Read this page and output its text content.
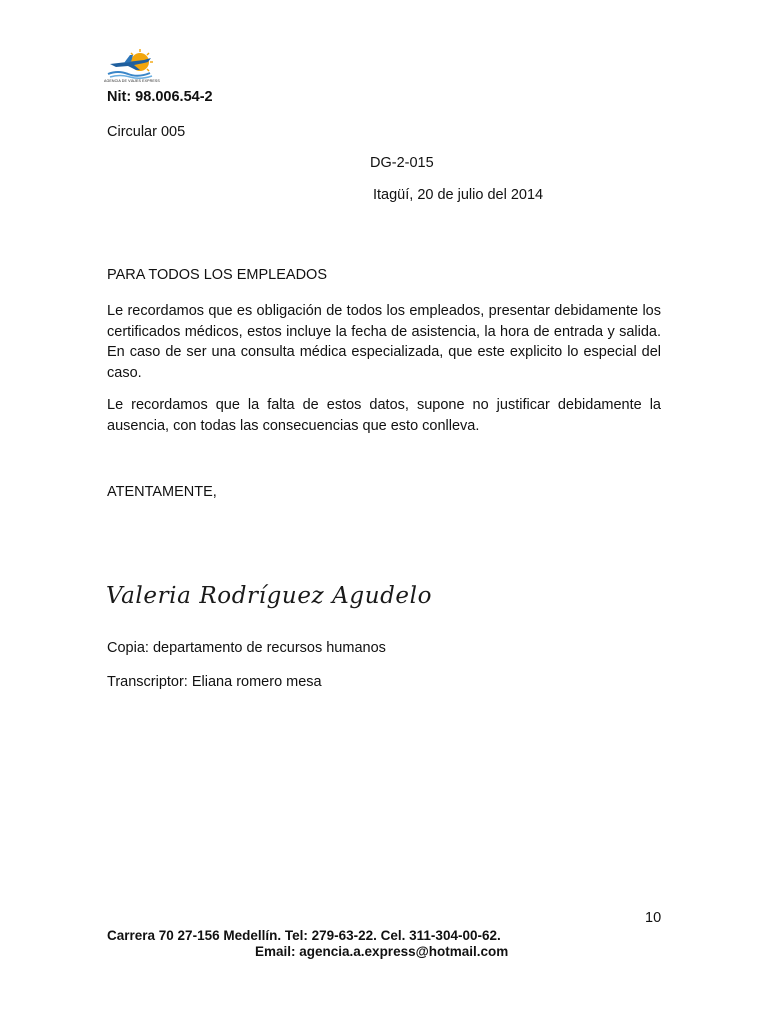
AGENCIA DE VIAJES EXPRESS
Nit: 98.006.54-2
Circular 005
DG-2-015
Itagüí, 20 de julio del 2014
PARA TODOS LOS EMPLEADOS
Le recordamos que es obligación de todos los empleados, presentar debidamente los certificados médicos, estos incluye la fecha de asistencia, la hora de entrada y salida. En caso de ser una consulta médica especializada, que este explicito lo especial del caso.
Le recordamos que la falta de estos datos, supone no justificar debidamente la ausencia, con todas las consecuencias que esto conlleva.
ATENTAMENTE,
Valeria Rodríguez Agudelo
Copia: departamento de recursos humanos
Transcriptor: Eliana romero mesa
10
Carrera 70 27-156 Medellín. Tel: 279-63-22. Cel. 311-304-00-62.
Email: agencia.a.express@hotmail.com
